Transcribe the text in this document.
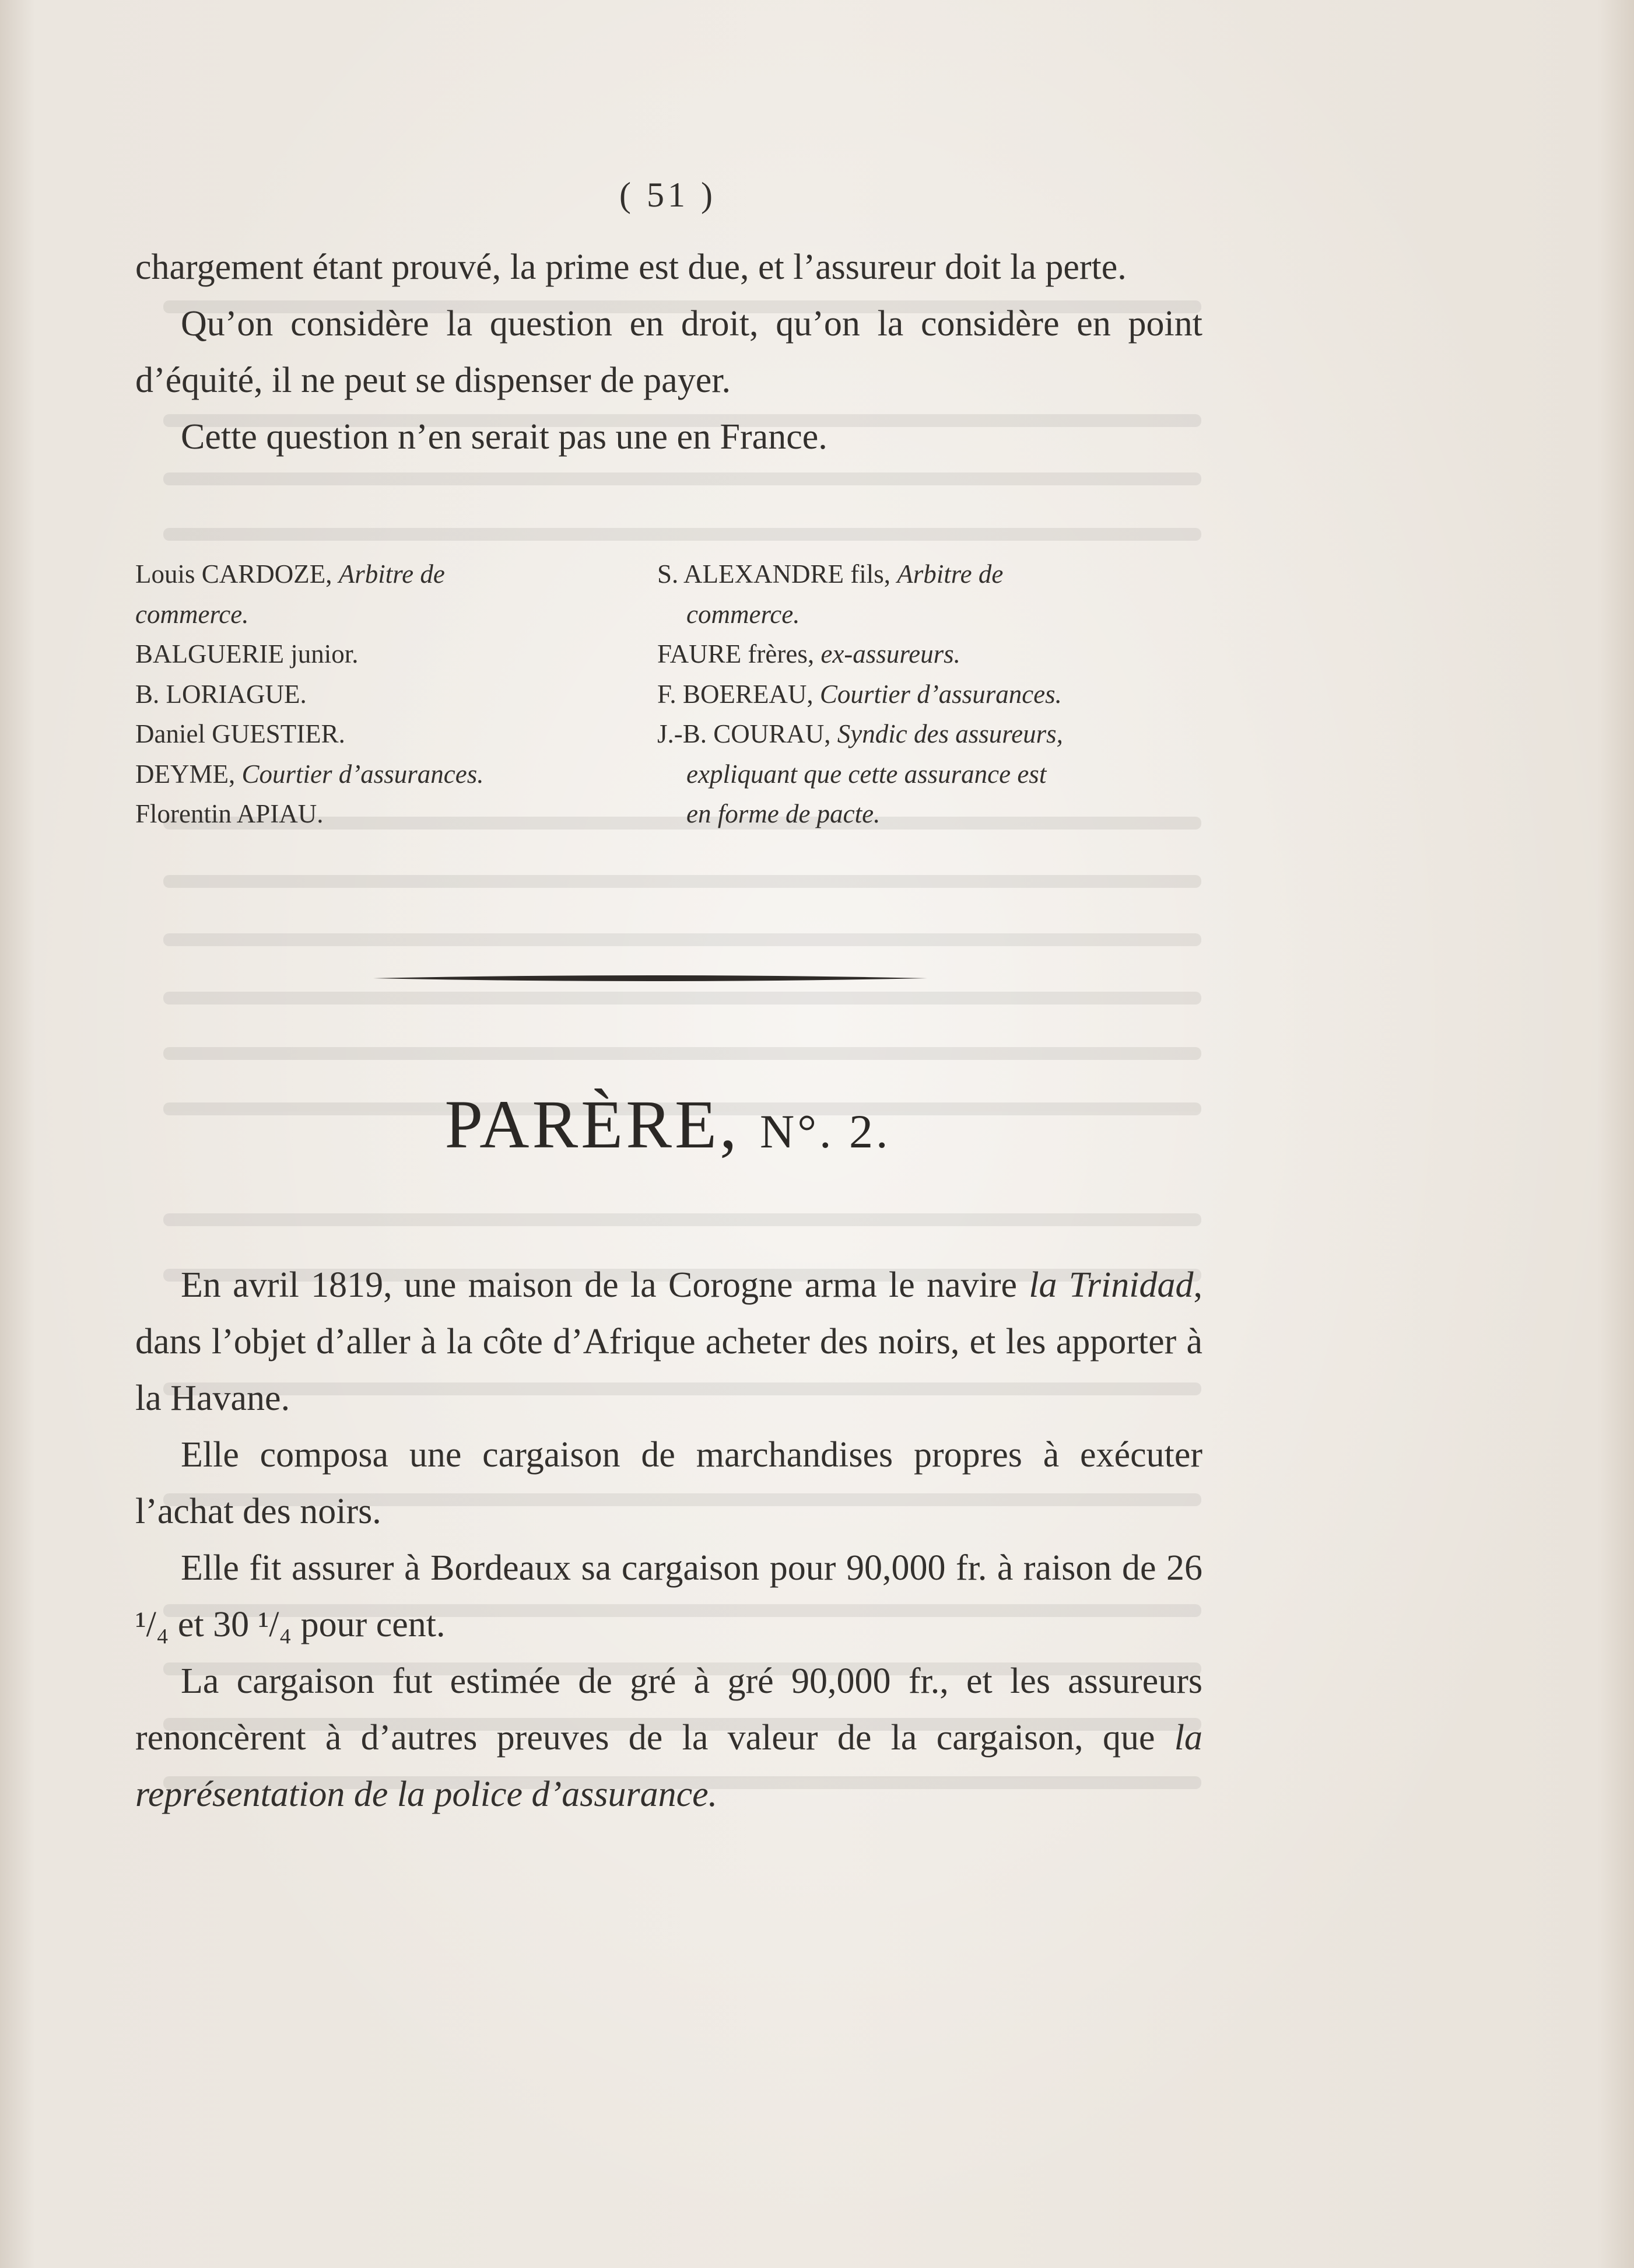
( 51 )

chargement étant prouvé, la prime est due, et l’assureur doit la perte.

Qu’on considère la question en droit, qu’on la considère en point d’équité, il ne peut se dispenser de payer.

Cette question n’en serait pas une en France.

Louis CARDOZE, Arbitre de
commerce.
BALGUERIE junior.
B. LORIAGUE.
Daniel GUESTIER.
DEYME, Courtier d’assurances.
Florentin APIAU.
S. ALEXANDRE fils, Arbitre de
commerce.
FAURE frères, ex-assureurs.
F. BOEREAU, Courtier d’assurances.
J.-B. COURAU, Syndic des assureurs,
expliquant que cette assurance est
en forme de pacte.
PARÈRE, N°. 2.

En avril 1819, une maison de la Corogne arma le navire la Trinidad, dans l’objet d’aller à la côte d’Afrique acheter des noirs, et les apporter à la Havane.

Elle composa une cargaison de marchandises propres à exécuter l’achat des noirs.

Elle fit assurer à Bordeaux sa cargaison pour 90,000 fr. à raison de 26 ¹/₄ et 30 ¹/₄ pour cent.

La cargaison fut estimée de gré à gré 90,000 fr., et les assureurs renoncèrent à d’autres preuves de la valeur de la cargaison, que la représentation de la police d’assurance.
